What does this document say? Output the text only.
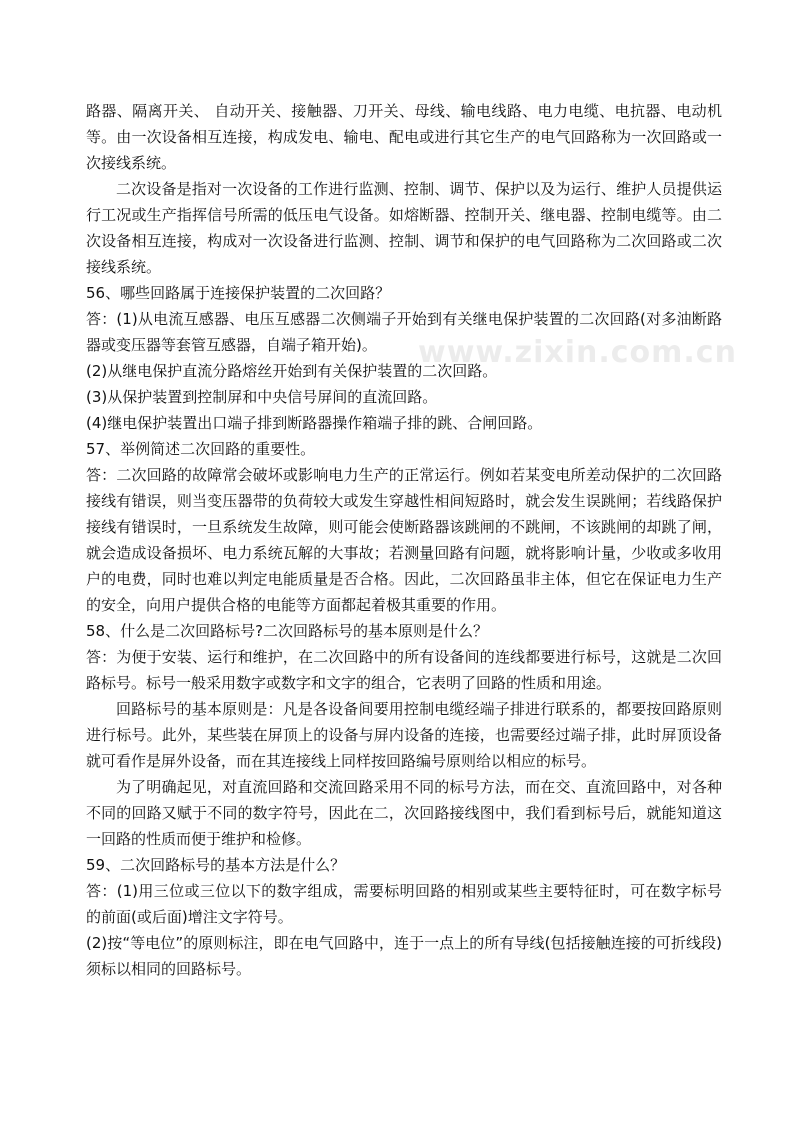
路器、隔离开关、 自动开关、接触器、刀开关、母线、输电线路、电力电缆、电抗器、电动机等。由一次设备相互连接，构成发电、输电、配电或进行其它生产的电气回路称为一次回路或一次接线系统。

二次设备是指对一次设备的工作进行监测、控制、调节、保护以及为运行、维护人员提供运行工况或生产指挥信号所需的低压电气设备。如熔断器、控制开关、继电器、控制电缆等。由二次设备相互连接，构成对一次设备进行监测、控制、调节和保护的电气回路称为二次回路或二次接线系统。

56、哪些回路属于连接保护装置的二次回路？

答：(1)从电流互感器、电压互感器二次侧端子开始到有关继电保护装置的二次回路(对多油断路器或变压器等套管互感器，自端子箱开始)。

(2)从继电保护直流分路熔丝开始到有关保护装置的二次回路。

(3)从保护装置到控制屏和中央信号屏间的直流回路。

(4)继电保护装置出口端子排到断路器操作箱端子排的跳、合闸回路。

57、举例简述二次回路的重要性。

答：二次回路的故障常会破坏或影响电力生产的正常运行。例如若某变电所差动保护的二次回路接线有错误，则当变压器带的负荷较大或发生穿越性相间短路时，就会发生误跳闸；若线路保护接线有错误时，一旦系统发生故障，则可能会使断路器该跳闸的不跳闸，不该跳闸的却跳了闸，就会造成设备损坏、电力系统瓦解的大事故；若测量回路有问题，就将影响计量，少收或多收用户的电费，同时也难以判定电能质量是否合格。因此，二次回路虽非主体，但它在保证电力生产的安全，向用户提供合格的电能等方面都起着极其重要的作用。

58、什么是二次回路标号?二次回路标号的基本原则是什么？

答：为便于安装、运行和维护，在二次回路中的所有设备间的连线都要进行标号，这就是二次回路标号。标号一般采用数字或数字和文字的组合，它表明了回路的性质和用途。

回路标号的基本原则是：凡是各设备间要用控制电缆经端子排进行联系的，都要按回路原则进行标号。此外，某些装在屏顶上的设备与屏内设备的连接，也需要经过端子排，此时屏顶设备就可看作是屏外设备，而在其连接线上同样按回路编号原则给以相应的标号。

为了明确起见，对直流回路和交流回路采用不同的标号方法，而在交、直流回路中，对各种不同的回路又赋于不同的数字符号，因此在二，次回路接线图中，我们看到标号后，就能知道这一回路的性质而便于维护和检修。

59、二次回路标号的基本方法是什么？

答：(1)用三位或三位以下的数字组成，需要标明回路的相别或某些主要特征时，可在数字标号的前面(或后面)增注文字符号。

(2)按“等电位”的原则标注，即在电气回路中，连于一点上的所有导线(包括接触连接的可折线段)须标以相同的回路标号。

www.zixin.com.cn
